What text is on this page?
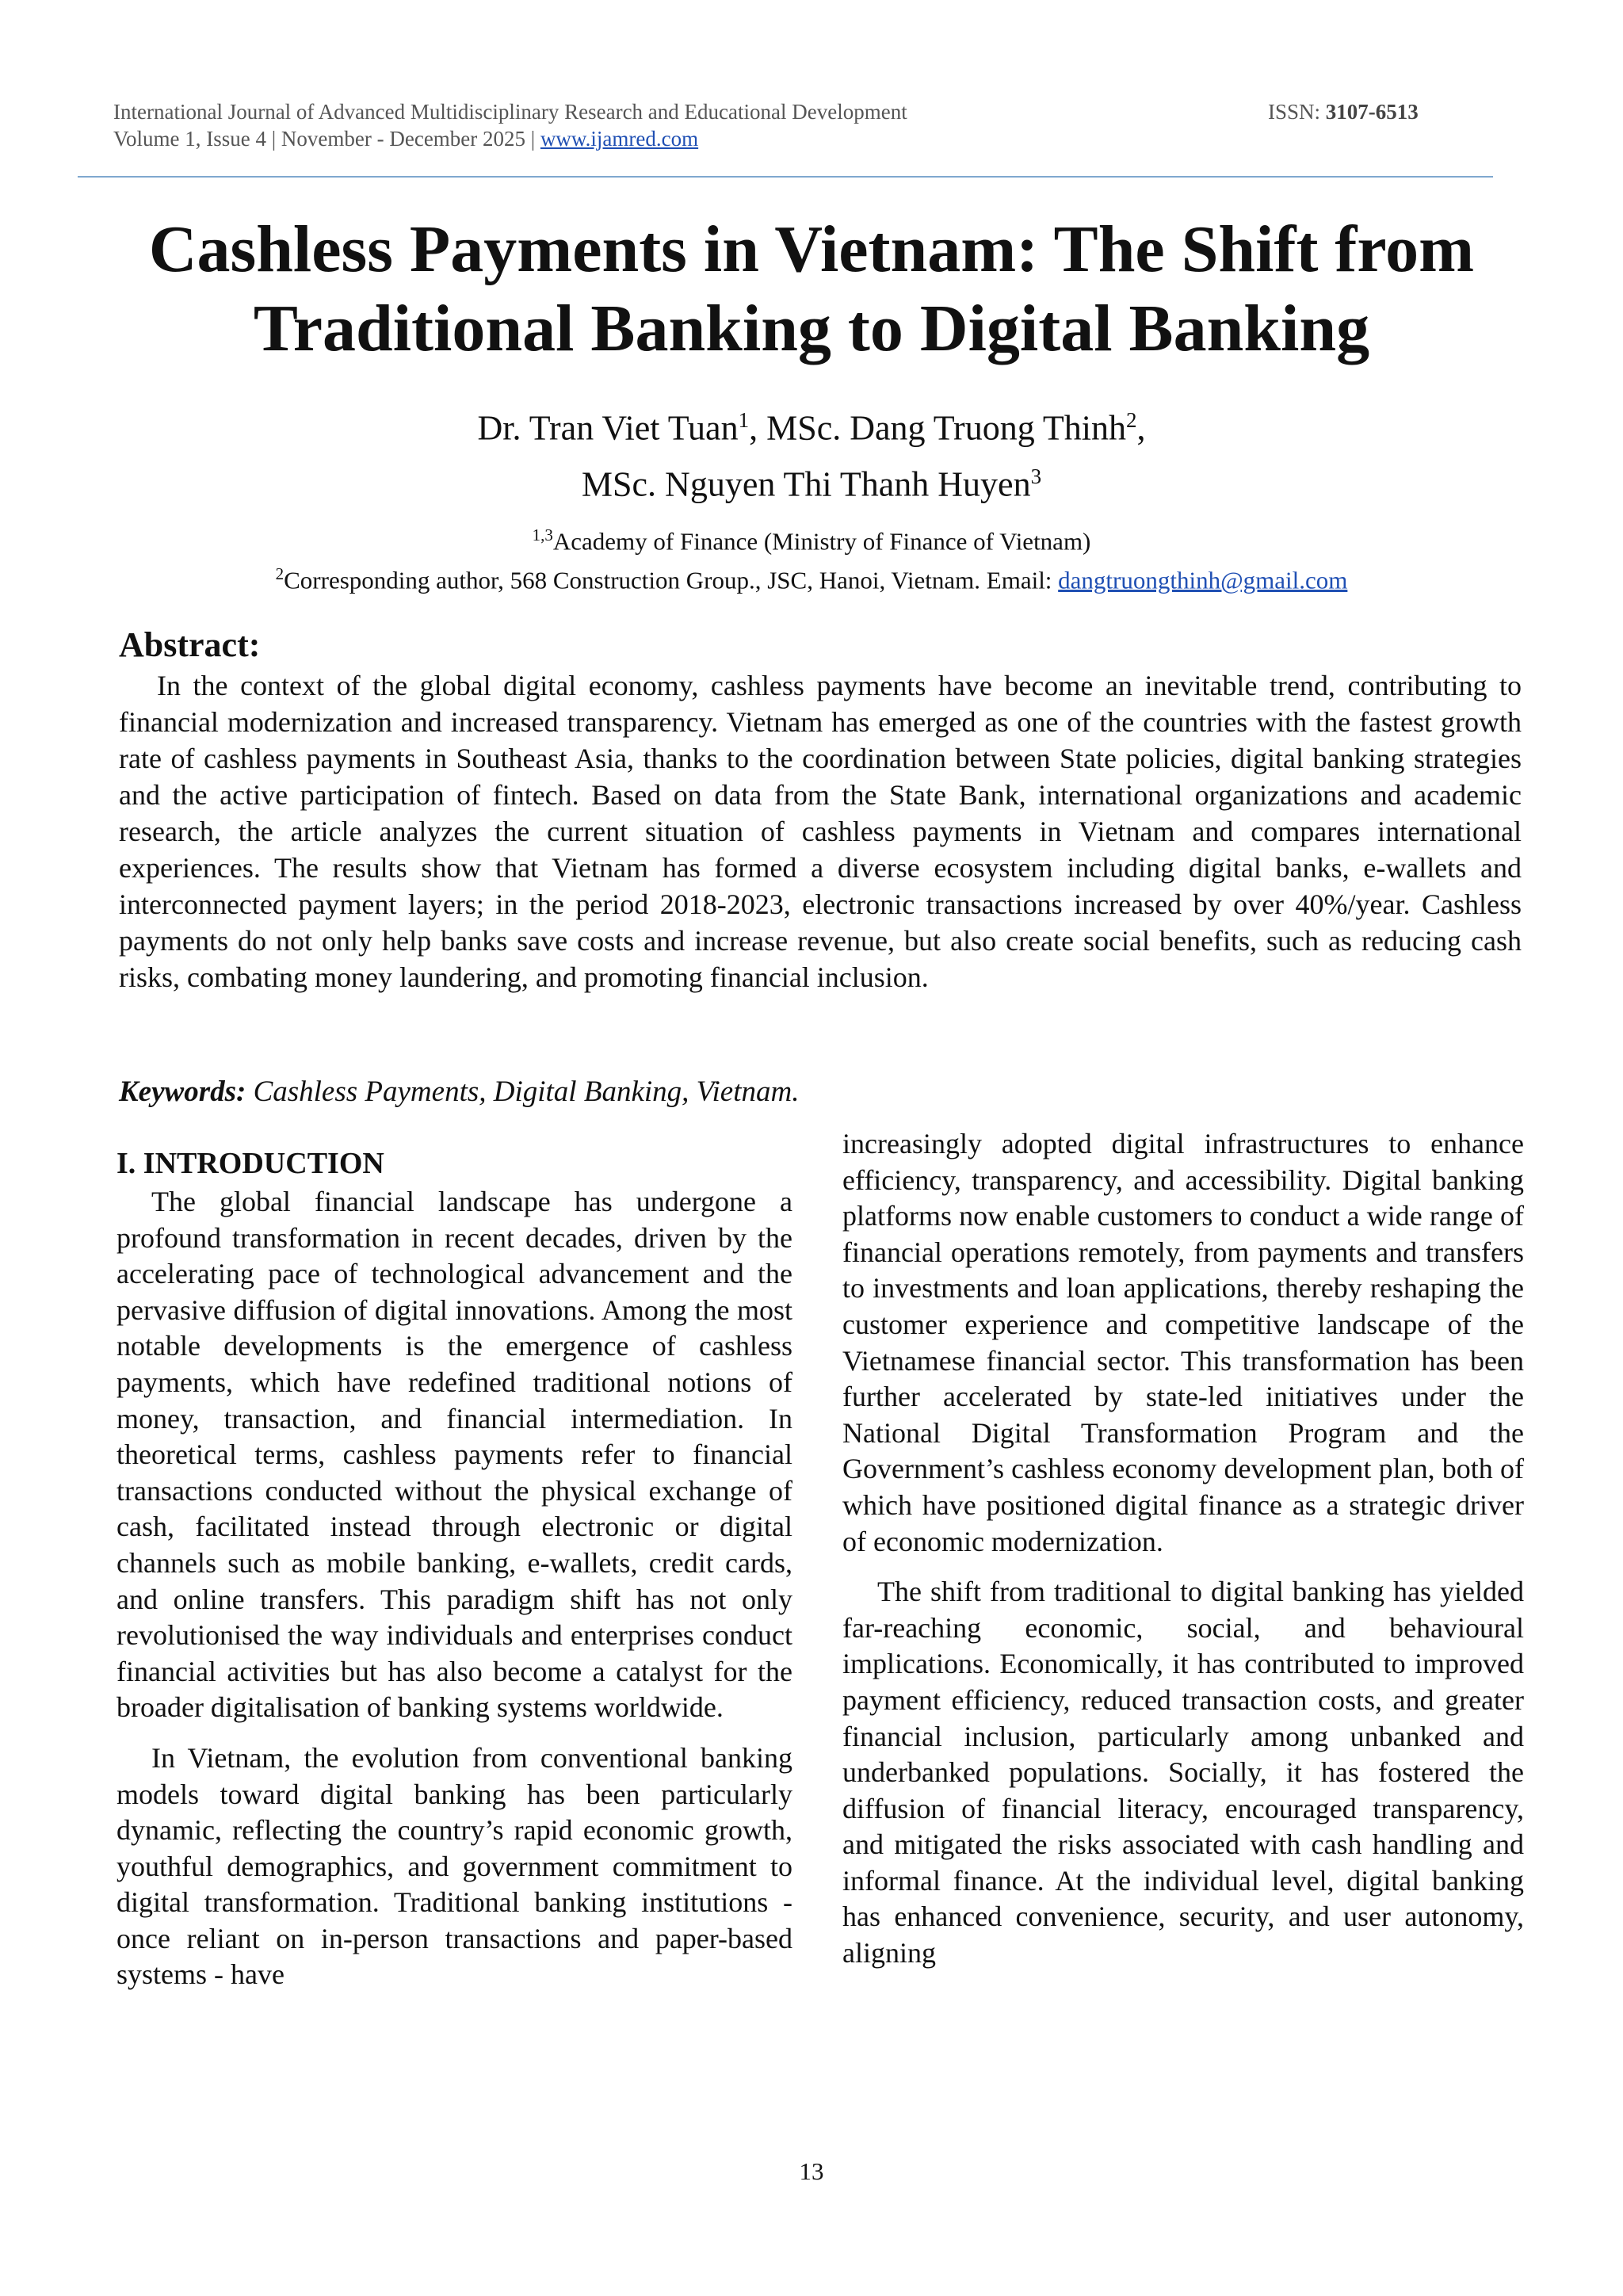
International Journal of Advanced Multidisciplinary Research and Educational Development
Volume 1, Issue 4 | November - December 2025 | www.ijamred.com
ISSN: 3107-6513
Cashless Payments in Vietnam: The Shift from Traditional Banking to Digital Banking
Dr. Tran Viet Tuan$^1$, MSc. Dang Truong Thinh$^2$,
MSc. Nguyen Thi Thanh Huyen$^3$
$^{1,3}$Academy of Finance (Ministry of Finance of Vietnam)
$^2$Corresponding author, 568 Construction Group., JSC, Hanoi, Vietnam. Email: dangtruongthinh@gmail.com
Abstract:

In the context of the global digital economy, cashless payments have become an inevitable trend, contributing to financial modernization and increased transparency. Vietnam has emerged as one of the countries with the fastest growth rate of cashless payments in Southeast Asia, thanks to the coordination between State policies, digital banking strategies and the active participation of fintech. Based on data from the State Bank, international organizations and academic research, the article analyzes the current situation of cashless payments in Vietnam and compares international experiences. The results show that Vietnam has formed a diverse ecosystem including digital banks, e-wallets and interconnected payment layers; in the period 2018-2023, electronic transactions increased by over 40%/year. Cashless payments do not only help banks save costs and increase revenue, but also create social benefits, such as reducing cash risks, combating money laundering, and promoting financial inclusion.

Keywords: Cashless Payments, Digital Banking, Vietnam.
I. INTRODUCTION

The global financial landscape has undergone a profound transformation in recent decades, driven by the accelerating pace of technological advancement and the pervasive diffusion of digital innovations. Among the most notable developments is the emergence of cashless payments, which have redefined traditional notions of money, transaction, and financial intermediation. In theoretical terms, cashless payments refer to financial transactions conducted without the physical exchange of cash, facilitated instead through electronic or digital channels such as mobile banking, e-wallets, credit cards, and online transfers. This paradigm shift has not only revolutionised the way individuals and enterprises conduct financial activities but has also become a catalyst for the broader digitalisation of banking systems worldwide.

In Vietnam, the evolution from conventional banking models toward digital banking has been particularly dynamic, reflecting the country’s rapid economic growth, youthful demographics, and government commitment to digital transformation. Traditional banking institutions - once reliant on in-person transactions and paper-based systems - have

increasingly adopted digital infrastructures to enhance efficiency, transparency, and accessibility. Digital banking platforms now enable customers to conduct a wide range of financial operations remotely, from payments and transfers to investments and loan applications, thereby reshaping the customer experience and competitive landscape of the Vietnamese financial sector. This transformation has been further accelerated by state-led initiatives under the National Digital Transformation Program and the Government’s cashless economy development plan, both of which have positioned digital finance as a strategic driver of economic modernization.

The shift from traditional to digital banking has yielded far-reaching economic, social, and behavioural implications. Economically, it has contributed to improved payment efficiency, reduced transaction costs, and greater financial inclusion, particularly among unbanked and underbanked populations. Socially, it has fostered the diffusion of financial literacy, encouraged transparency, and mitigated the risks associated with cash handling and informal finance. At the individual level, digital banking has enhanced convenience, security, and user autonomy, aligning

13
